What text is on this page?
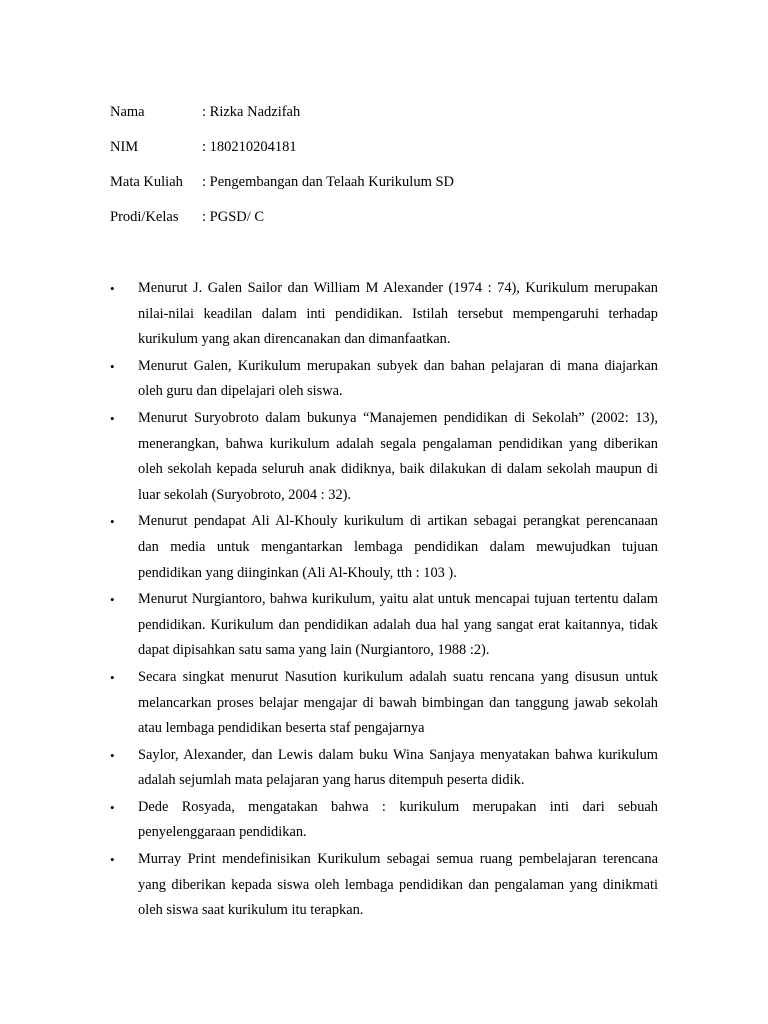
Nama	: Rizka Nadzifah
NIM	: 180210204181
Mata Kuliah	: Pengembangan dan Telaah Kurikulum SD
Prodi/Kelas	: PGSD/ C
• Menurut J. Galen Sailor dan William M Alexander (1974 : 74), Kurikulum merupakan nilai-nilai keadilan dalam inti pendidikan. Istilah tersebut mempengaruhi terhadap kurikulum yang akan direncanakan dan dimanfaatkan.
• Menurut Galen, Kurikulum merupakan subyek dan bahan pelajaran di mana diajarkan oleh guru dan dipelajari oleh siswa.
• Menurut Suryobroto dalam bukunya “Manajemen pendidikan di Sekolah” (2002: 13), menerangkan, bahwa kurikulum adalah segala pengalaman pendidikan yang diberikan oleh sekolah kepada seluruh anak didiknya, baik dilakukan di dalam sekolah maupun di luar sekolah (Suryobroto, 2004 : 32).
• Menurut pendapat Ali Al-Khouly kurikulum di artikan sebagai perangkat perencanaan dan media untuk mengantarkan lembaga pendidikan dalam mewujudkan tujuan pendidikan yang diinginkan (Ali Al-Khouly, tth : 103 ).
• Menurut Nurgiantoro, bahwa kurikulum, yaitu alat untuk mencapai tujuan tertentu dalam pendidikan. Kurikulum dan pendidikan adalah dua hal yang sangat erat kaitannya, tidak dapat dipisahkan satu sama yang lain (Nurgiantoro, 1988 :2).
• Secara singkat menurut Nasution kurikulum adalah suatu rencana yang disusun untuk melancarkan proses belajar mengajar di bawah bimbingan dan tanggung jawab sekolah atau lembaga pendidikan beserta staf pengajarnya
• Saylor, Alexander, dan Lewis dalam buku Wina Sanjaya menyatakan bahwa kurikulum adalah sejumlah mata pelajaran yang harus ditempuh peserta didik.
• Dede Rosyada, mengatakan bahwa : kurikulum merupakan inti dari sebuah penyelenggaraan pendidikan.
• Murray Print mendefinisikan Kurikulum sebagai semua ruang pembelajaran terencana yang diberikan kepada siswa oleh lembaga pendidikan dan pengalaman yang dinikmati oleh siswa saat kurikulum itu terapkan.
